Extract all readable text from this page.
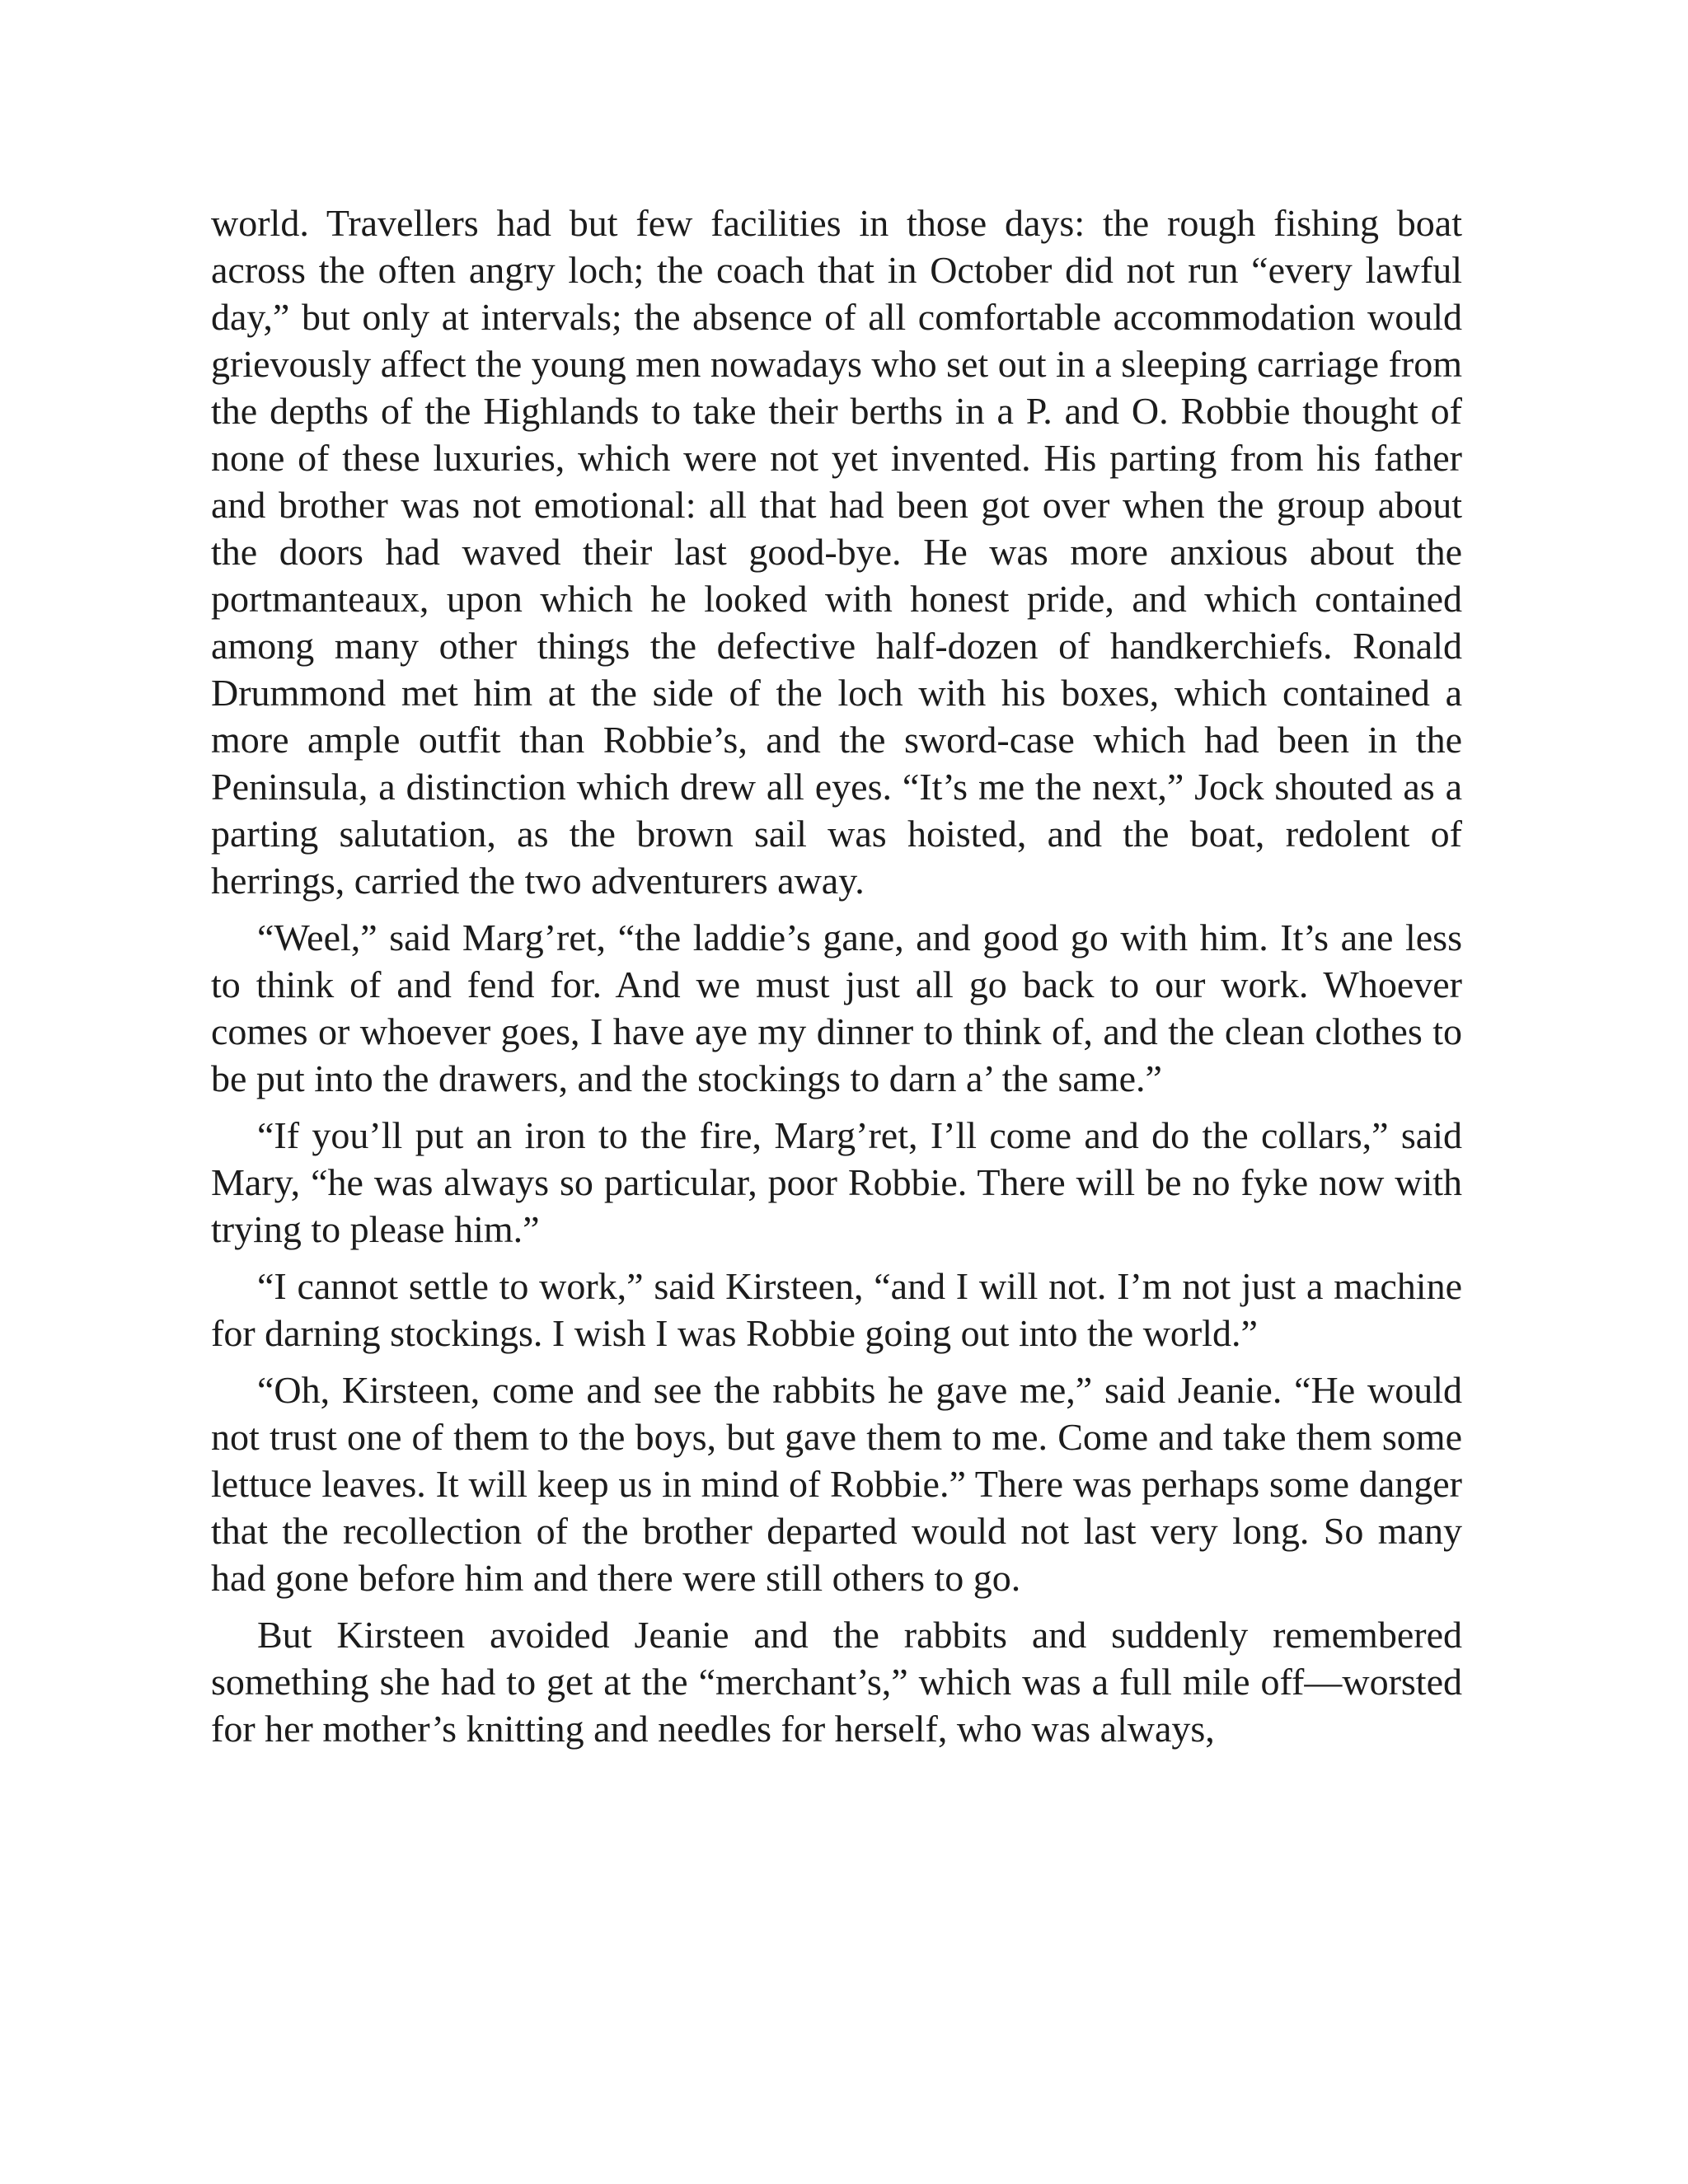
world. Travellers had but few facilities in those days: the rough fishing boat across the often angry loch; the coach that in October did not run “every lawful day,” but only at intervals; the absence of all comfortable accommodation would grievously affect the young men nowadays who set out in a sleeping carriage from the depths of the Highlands to take their berths in a P. and O. Robbie thought of none of these luxuries, which were not yet invented. His parting from his father and brother was not emotional: all that had been got over when the group about the doors had waved their last good-bye. He was more anxious about the portmanteaux, upon which he looked with honest pride, and which contained among many other things the defective half-dozen of handkerchiefs. Ronald Drummond met him at the side of the loch with his boxes, which contained a more ample outfit than Robbie’s, and the sword-case which had been in the Peninsula, a distinction which drew all eyes. “It’s me the next,” Jock shouted as a parting salutation, as the brown sail was hoisted, and the boat, redolent of herrings, carried the two adventurers away.

“Weel,” said Marg’ret, “the laddie’s gane, and good go with him. It’s ane less to think of and fend for. And we must just all go back to our work. Whoever comes or whoever goes, I have aye my dinner to think of, and the clean clothes to be put into the drawers, and the stockings to darn a’ the same.”

“If you’ll put an iron to the fire, Marg’ret, I’ll come and do the collars,” said Mary, “he was always so particular, poor Robbie. There will be no fyke now with trying to please him.”

“I cannot settle to work,” said Kirsteen, “and I will not. I’m not just a machine for darning stockings. I wish I was Robbie going out into the world.”

“Oh, Kirsteen, come and see the rabbits he gave me,” said Jeanie. “He would not trust one of them to the boys, but gave them to me. Come and take them some lettuce leaves. It will keep us in mind of Robbie.” There was perhaps some danger that the recollection of the brother departed would not last very long. So many had gone before him and there were still others to go.

But Kirsteen avoided Jeanie and the rabbits and suddenly remembered something she had to get at the “merchant’s,” which was a full mile off—worsted for her mother’s knitting and needles for herself, who was always,
